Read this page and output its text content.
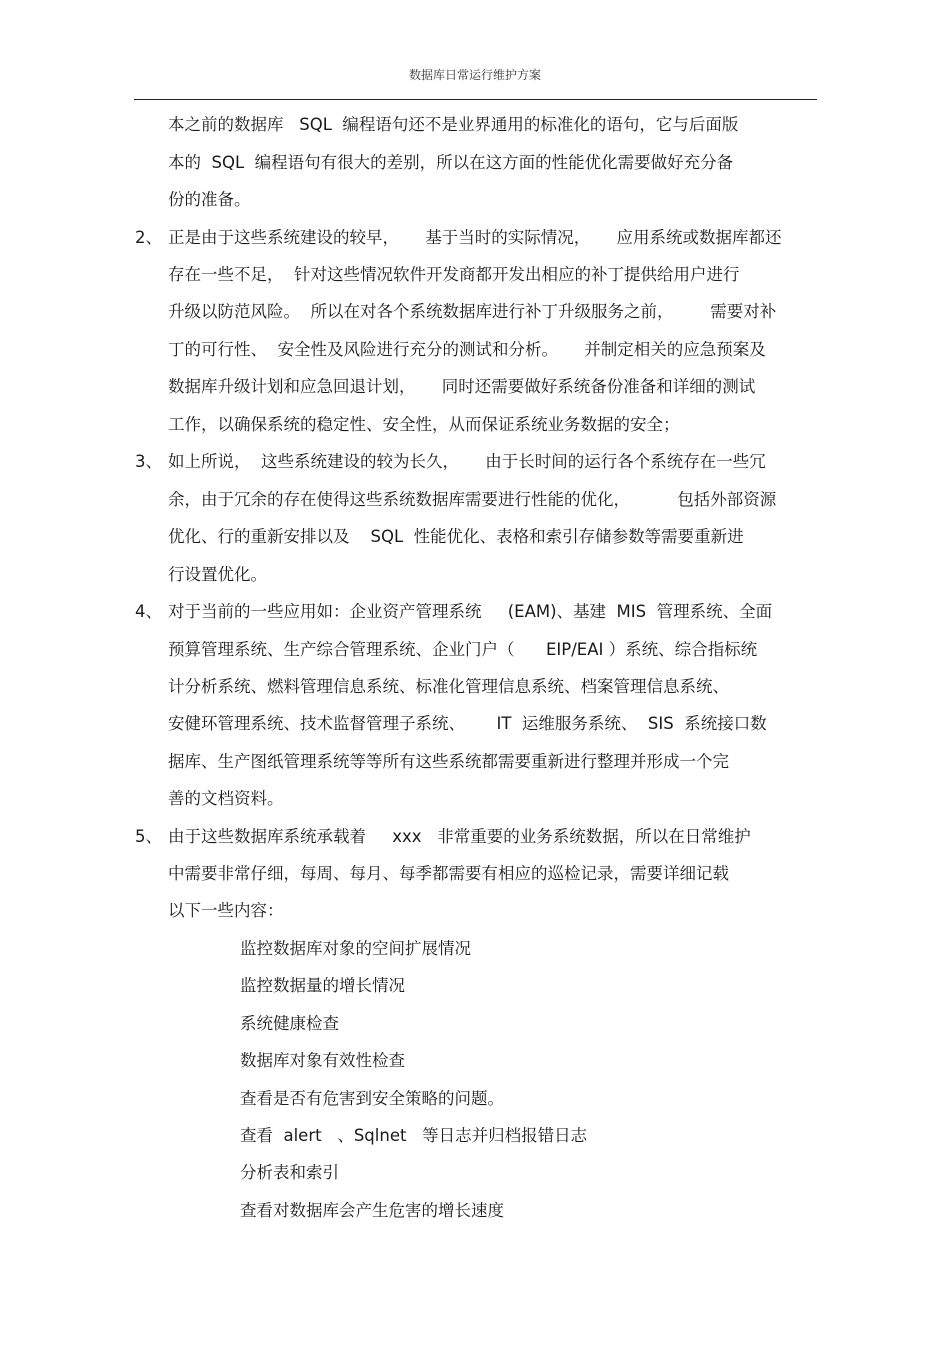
数据库日常运行维护方案
本之前的数据库   SQL  编程语句还不是业界通用的标准化的语句，它与后面版
本的  SQL  编程语句有很大的差别，所以在这方面的性能优化需要做好充分备
份的准备。
2、 正是由于这些系统建设的较早，     基于当时的实际情况，     应用系统或数据库都还
存在一些不足，  针对这些情况软件开发商都开发出相应的补丁提供给用户进行
升级以防范风险。  所以在对各个系统数据库进行补丁升级服务之前，       需要对补
丁的可行性、  安全性及风险进行充分的测试和分析。     并制定相关的应急预案及
数据库升级计划和应急回退计划，     同时还需要做好系统备份准备和详细的测试
工作，以确保系统的稳定性、安全性，从而保证系统业务数据的安全；
3、 如上所说，  这些系统建设的较为长久，     由于长时间的运行各个系统存在一些冗
余，由于冗余的存在使得这些系统数据库需要进行性能的优化，         包括外部资源
优化、行的重新安排以及    SQL  性能优化、表格和索引存储参数等需要重新进
行设置优化。
4、 对于当前的一些应用如：企业资产管理系统     (EAM)、基建  MIS  管理系统、全面
预算管理系统、生产综合管理系统、企业门户（      EIP/EAI ）系统、综合指标统
计分析系统、燃料管理信息系统、标准化管理信息系统、档案管理信息系统、
安健环管理系统、技术监督管理子系统、      IT  运维服务系统、  SIS  系统接口数
据库、生产图纸管理系统等等所有这些系统都需要重新进行整理并形成一个完
善的文档资料。
5、 由于这些数据库系统承载着     xxx   非常重要的业务系统数据，所以在日常维护
中需要非常仔细，每周、每月、每季都需要有相应的巡检记录，需要详细记载
以下一些内容：
监控数据库对象的空间扩展情况
监控数据量的增长情况
系统健康检查
数据库对象有效性检查
查看是否有危害到安全策略的问题。
查看  alert   、Sqlnet   等日志并归档报错日志
分析表和索引
查看对数据库会产生危害的增长速度
